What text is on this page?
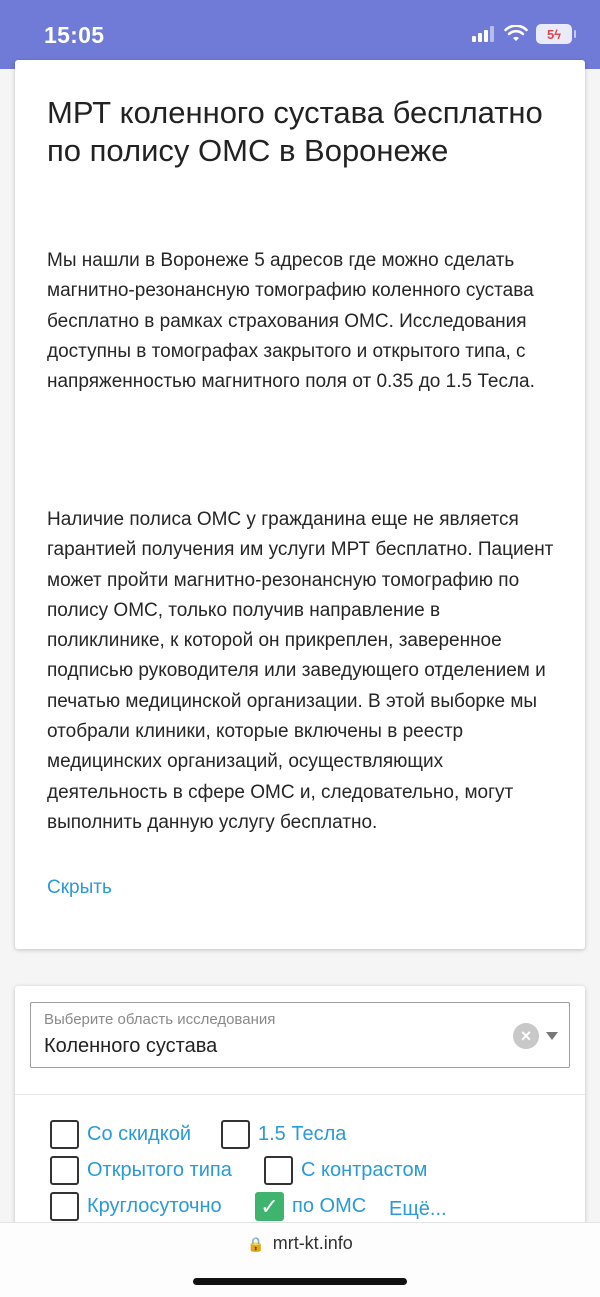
15:05	5 ϟ
МРТ коленного сустава бесплатно по полису ОМС в Воронеже

Мы нашли в Воронеже 5 адресов где можно сделать магнитно-резонансную томографию коленного сустава бесплатно в рамках страхования ОМС. Исследования доступны в томографах закрытого и открытого типа, с напряженностью магнитного поля от 0.35 до 1.5 Тесла.

Наличие полиса ОМС у гражданина еще не является гарантией получения им услуги МРТ бесплатно. Пациент может пройти магнитно-резонансную томографию по полису ОМС, только получив направление в поликлинике, к которой он прикреплен, заверенное подписью руководителя или заведующего отделением и печатью медицинской организации. В этой выборке мы отобрали клиники, которые включены в реестр медицинских организаций, осуществляющих деятельность в сфере ОМС и, следовательно, могут выполнить данную услугу бесплатно.

Скрыть
Выберите область исследования
Коленного сустава	×
Со скидкой	1.5 Тесла
Открытого типа	С контрастом
Круглосуточно ✓ по ОМС Ещё...
🔒 mrt-kt.info
